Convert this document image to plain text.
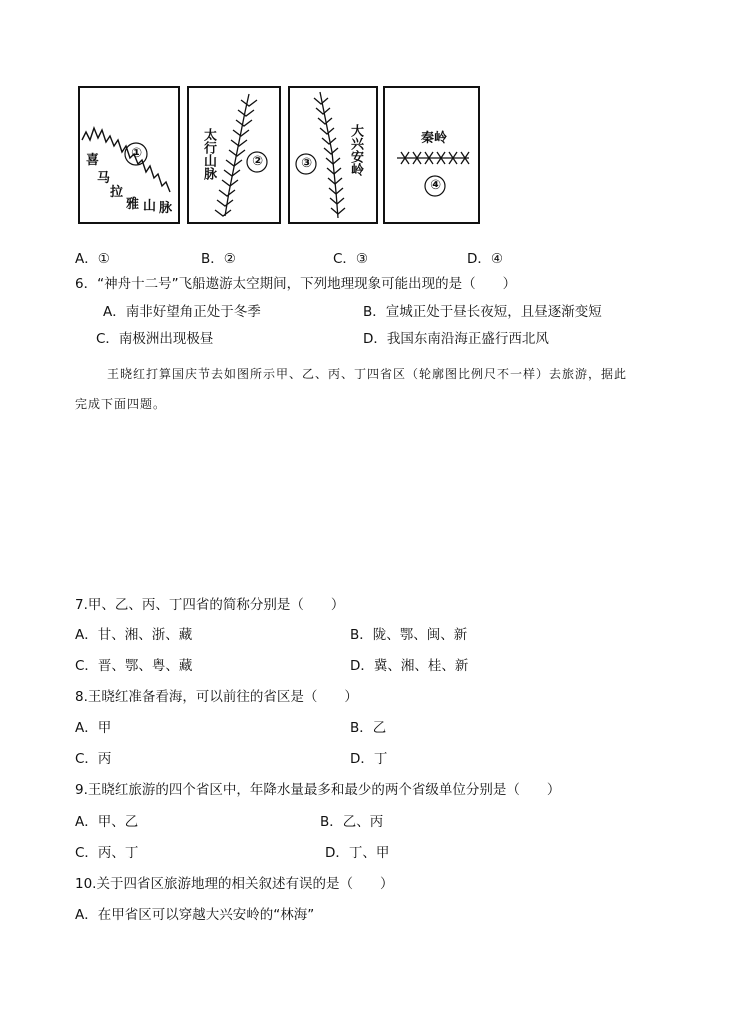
①
喜
马
拉
雅 山 脉
②
太行山脉	③	大兴安岭
④
秦岭
A．①	B．②	C．③	D．④
6．“神舟十二号”飞船遨游太空期间，下列地理现象可能出现的是（　　）
A．南非好望角正处于冬季	B．宣城正处于昼长夜短，且昼逐渐变短
C．南极洲出现极昼	D．我国东南沿海正盛行西北风
王晓红打算国庆节去如图所示甲、乙、丙、丁四省区（轮廓图比例尺不一样）去旅游，据此
完成下面四题。
7.甲、乙、丙、丁四省的简称分别是（　　）
A．甘、湘、浙、藏	B．陇、鄂、闽、新
C．晋、鄂、粤、藏	D．冀、湘、桂、新
8.王晓红准备看海，可以前往的省区是（　　）
A．甲	B．乙
C．丙	D．丁
9.王晓红旅游的四个省区中，年降水量最多和最少的两个省级单位分别是（　　）
A．甲、乙	B．乙、丙
C．丙、丁	D．丁、甲
10.关于四省区旅游地理的相关叙述有误的是（　　）
A．在甲省区可以穿越大兴安岭的“林海”
